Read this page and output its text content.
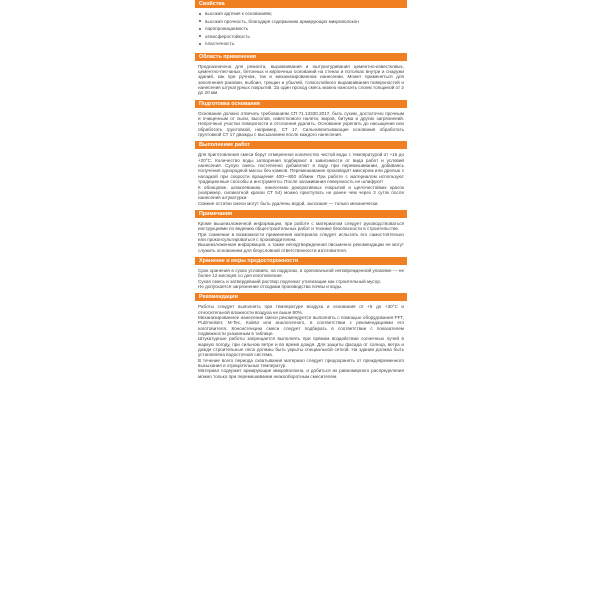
Свойства
высокая адгезия к основаниям;
высокая прочность, благодаря содержанию армирующих микроволокон
паропроницаемость
атмосферостойкость
пластичность.
Область применения

Предназначена для ремонта, выравнивания и оштукатуривания цементно-известковых, цементно-песчаных, бетонных и кирпичных оснований на стенах и потолках внутри и снаружи зданий, как при ручном, так и механизированном нанесении. Может применяться для заполнения раковин, выбоин, трещин и убылей, толкослойного выравнивания поверхностей и нанесения штукатурных покрытий. За один проход смесь можно наносить слоем толщиной от 2 до 20 мм.

Подготовка основания

Основание должно отвечать требованиям СП 71.13330.2017, быть сухим, достаточно прочным и очищенным от пыли, высолов, известкового налета, жиров, битума и других загрязнений. Непрочные участки поверхности и отслоения удалить. Основание укрепить до насыщения или обработать грунтовкой, например, СТ 17. Сильновпитывающие основания обработать грунтовкой СТ 17 дважды с высыханием после каждого нанесения.

Выполнение работ

Для приготовления смеси берут отмеренное количество чистой воды с температурой от +15 до +20°С. Количество воды затворения подбирают в зависимости от вида работ и условий нанесения. Сухую смесь постепенно добавляют в воду при перемешивании, добиваясь получения однородной массы без комков. Перемешивание производят миксером или дрелью с насадкой при скорости вращения 400—800 об/мин. При работе с материалом используют традиционные способы и инструменты. После загаживания поверхность не шлифуют!

К облицовке, шпаклеванию, нанесению декоративных покрытий и щелочестойких красок (например, силикатной краски СТ 54) можно приступать не ранее чем через 3 суток после нанесения штукатурки.

Свежие остатки смеси могут быть удалены водой, засохшие — только механически.

Примечания

Кроме вышеизложенной информации, при работе с материалом следует руководствоваться инструкциями по ведению общестроительных работ и технике безопасности в строительстве.

При сомнении в возможности применения материала следует испытать его самостоятельно или проконсультироваться с производителем.

Вышеизложенная информация, а также неподтвержденная письменно рекомендации не могут служить основанием для безусловной ответственности изготовителя.

Хранение и меры предосторожности

Срок хранения в сухих условиях, на поддонах, в оригинальной неповрежденной упаковке — не более 12 месяцев со дня изготовления.

Сухая смесь и затвердевший раствор подлежат утилизации как строительный мусор.

Не допускается загрязнение отходами производства почвы и воды.

Рекомендации

Работы следует выполнять при температуре воздуха и основания от +5 до +30°С и относительной влажности воздуха не выше 80%.

Механизированное нанесение смеси рекомендуется выполнять с помощью оборудования PFT, Putzmeister, M-Tec, Kaleta или аналогичного, в соответствии с рекомендациями его изготовителя. Консистенцию смеси следует подбирать в соответствии с показателем подвижности указанным в таблице.

Штукатурные работы запрещается выполнять при прямом воздействии солнечных лучей в жаркую погоду, при сильном ветре и во время дождя. Для защиты фасада от солнца, ветра и дождя строительные леса должны быть укрыты специальной сеткой. На здании должна быть установлена водосточная система.

В течение всего периода схватывания материал следует предохранять от преждевременного высыхания и отрицательных температур.

Материал содержит армирующие микроволокна, и добиться их равномерного распределения можно только при перемешивании низкооборотным смесителем.
